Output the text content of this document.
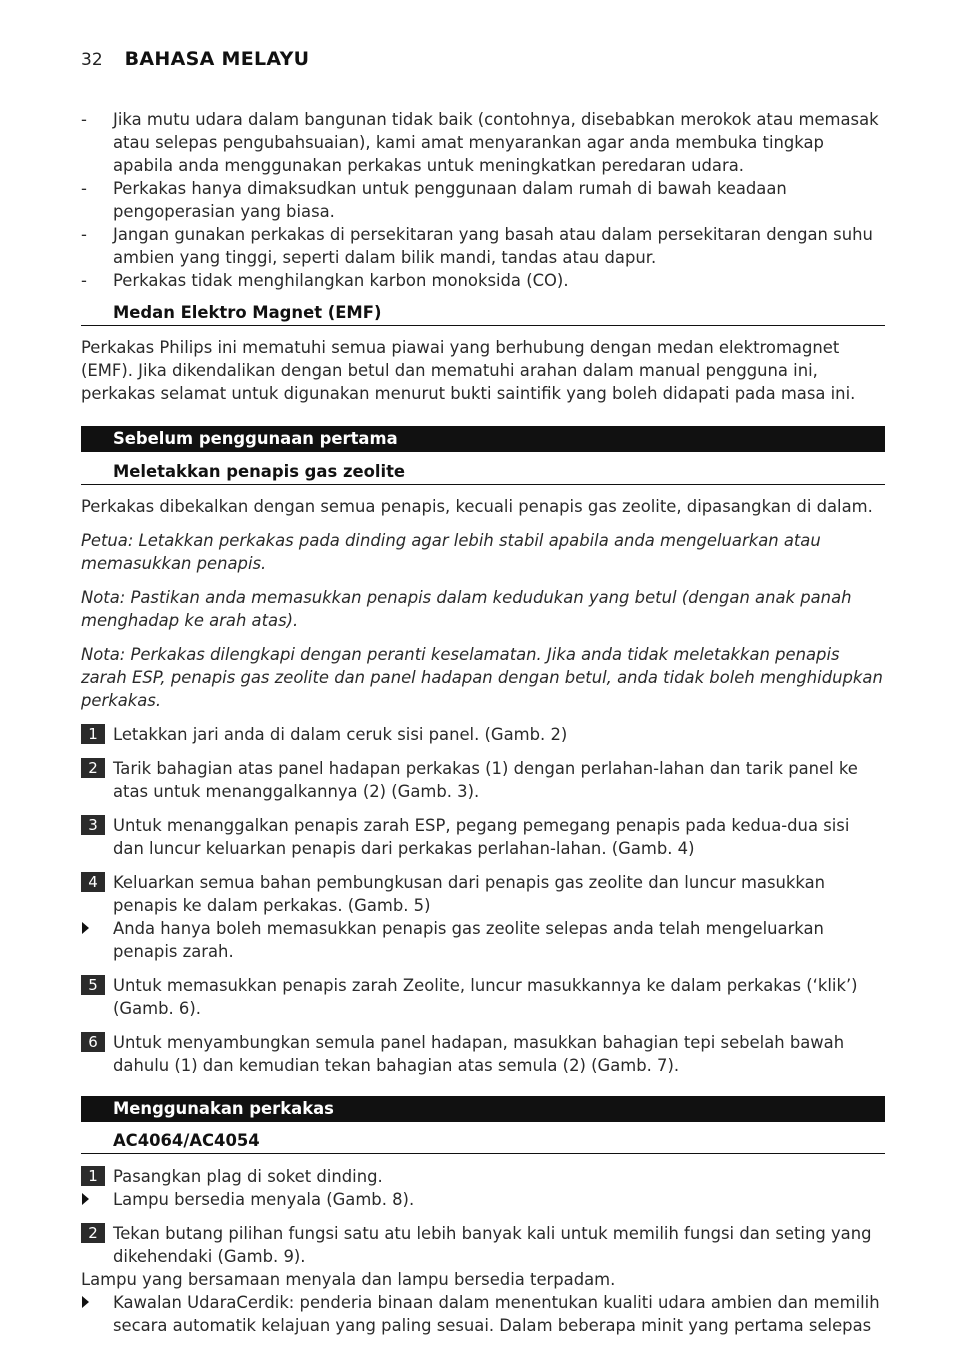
32 BAHASA MELAYU
-	Jika mutu udara dalam bangunan tidak baik (contohnya, disebabkan merokok atau memasak atau selepas pengubahsuaian), kami amat menyarankan agar anda membuka tingkap apabila anda menggunakan perkakas untuk meningkatkan peredaran udara.
-	Perkakas hanya dimaksudkan untuk penggunaan dalam rumah di bawah keadaan pengoperasian yang biasa.
-	Jangan gunakan perkakas di persekitaran yang basah atau dalam persekitaran dengan suhu ambien yang tinggi, seperti dalam bilik mandi, tandas atau dapur.
-	Perkakas tidak menghilangkan karbon monoksida (CO).
Medan Elektro Magnet (EMF)
Perkakas Philips ini mematuhi semua piawai yang berhubung dengan medan elektromagnet (EMF). Jika dikendalikan dengan betul dan mematuhi arahan dalam manual pengguna ini, perkakas selamat untuk digunakan menurut bukti saintifik yang boleh didapati pada masa ini.
Sebelum penggunaan pertama
Meletakkan penapis gas zeolite
Perkakas dibekalkan dengan semua penapis, kecuali penapis gas zeolite, dipasangkan di dalam.
Petua: Letakkan perkakas pada dinding agar lebih stabil apabila anda mengeluarkan atau memasukkan penapis.
Nota: Pastikan anda memasukkan penapis dalam kedudukan yang betul (dengan anak panah menghadap ke arah atas).
Nota: Perkakas dilengkapi dengan peranti keselamatan. Jika anda tidak meletakkan penapis zarah ESP, penapis gas zeolite dan panel hadapan dengan betul, anda tidak boleh menghidupkan perkakas.
1 Letakkan jari anda di dalam ceruk sisi panel. (Gamb. 2)
2 Tarik bahagian atas panel hadapan perkakas (1) dengan perlahan-lahan dan tarik panel ke atas untuk menanggalkannya (2) (Gamb. 3).
3 Untuk menanggalkan penapis zarah ESP, pegang pemegang penapis pada kedua-dua sisi dan luncur keluarkan penapis dari perkakas perlahan-lahan. (Gamb. 4)
4 Keluarkan semua bahan pembungkusan dari penapis gas zeolite dan luncur masukkan penapis ke dalam perkakas. (Gamb. 5)
Anda hanya boleh memasukkan penapis gas zeolite selepas anda telah mengeluarkan penapis zarah.
5 Untuk memasukkan penapis zarah Zeolite, luncur masukkannya ke dalam perkakas (‘klik’) (Gamb. 6).
6 Untuk menyambungkan semula panel hadapan, masukkan bahagian tepi sebelah bawah dahulu (1) dan kemudian tekan bahagian atas semula (2) (Gamb. 7).
Menggunakan perkakas
AC4064/AC4054
1 Pasangkan plag di soket dinding.
Lampu bersedia menyala (Gamb. 8).
2 Tekan butang pilihan fungsi satu atu lebih banyak kali untuk memilih fungsi dan seting yang dikehendaki (Gamb. 9).
Lampu yang bersamaan menyala dan lampu bersedia terpadam.
Kawalan UdaraCerdik: penderia binaan dalam menentukan kualiti udara ambien dan memilih secara automatik kelajuan yang paling sesuai. Dalam beberapa minit yang pertama selepas
